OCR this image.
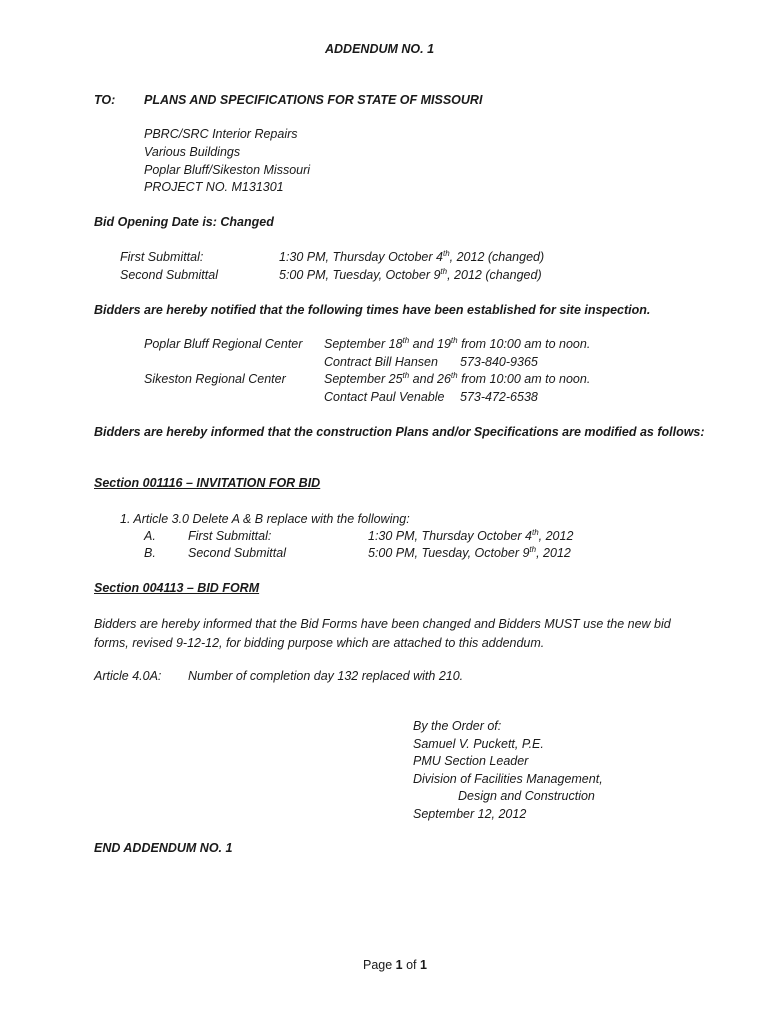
ADDENDUM NO. 1
TO: PLANS AND SPECIFICATIONS FOR STATE OF MISSOURI
PBRC/SRC Interior Repairs
Various Buildings
Poplar Bluff/Sikeston Missouri
PROJECT NO. M131301
Bid Opening Date is: Changed
First Submittal:	1:30 PM, Thursday October 4th, 2012 (changed)
Second Submittal	5:00 PM, Tuesday, October 9th, 2012 (changed)
Bidders are hereby notified that the following times have been established for site inspection.
Poplar Bluff Regional Center September 18th and 19th from 10:00 am to noon.
Contract Bill Hansen 573-840-9365
Sikeston Regional Center	September 25th and 26th from 10:00 am to noon.
Contact Paul Venable 573-472-6538
Bidders are hereby informed that the construction Plans and/or Specifications are modified as follows:
Section 001116 – INVITATION FOR BID
1. Article 3.0 Delete A & B replace with the following:
A.	First Submittal:	1:30 PM, Thursday October 4th, 2012
B.	Second Submittal	5:00 PM, Tuesday, October 9th, 2012
Section 004113 – BID FORM
Bidders are hereby informed that the Bid Forms have been changed and Bidders MUST use the new bid forms, revised 9-12-12, for bidding purpose which are attached to this addendum.
Article 4.0A: Number of completion day 132 replaced with 210.
By the Order of:
Samuel V. Puckett, P.E.
PMU Section Leader
Division of Facilities Management,
Design and Construction
September 12, 2012
END ADDENDUM NO. 1
Page 1 of 1
